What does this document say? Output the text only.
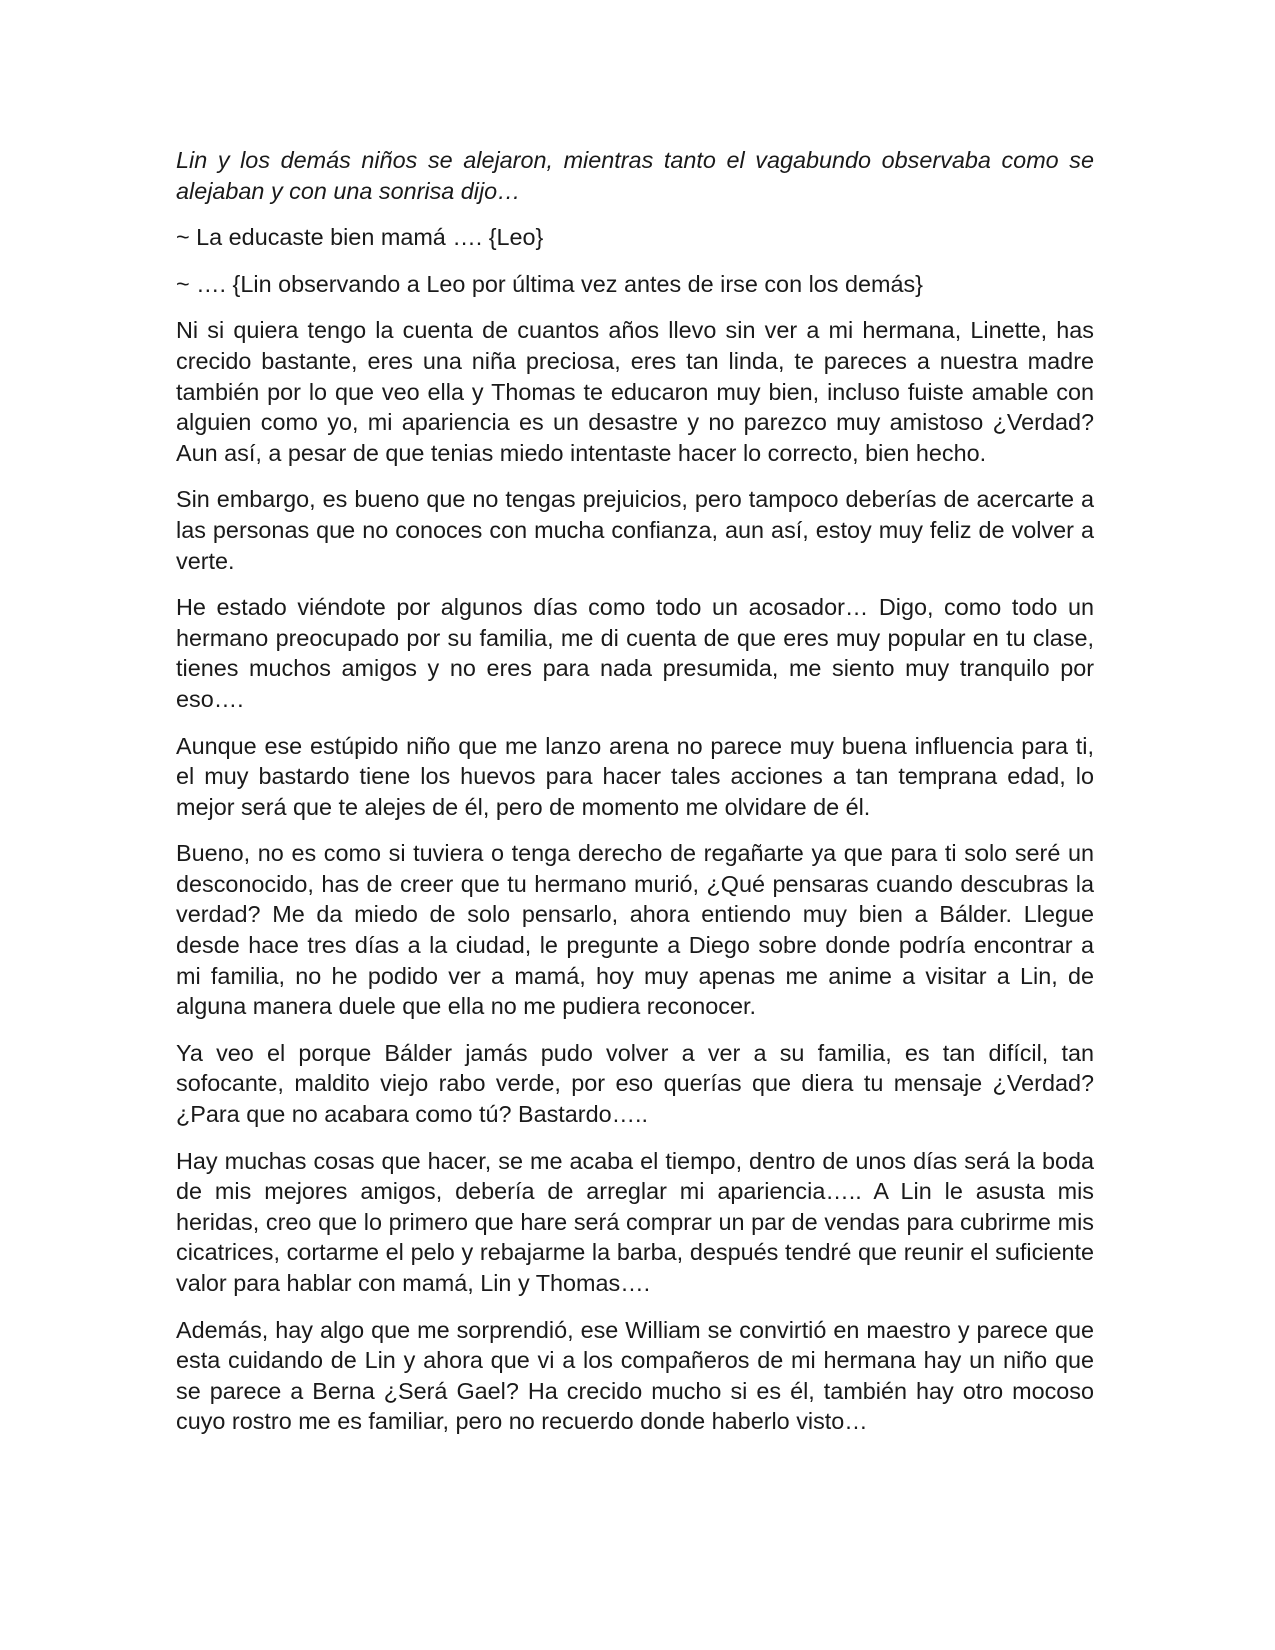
Lin y los demás niños se alejaron, mientras tanto el vagabundo observaba como se alejaban y con una sonrisa dijo…

~ La educaste bien mamá …. {Leo}

~ …. {Lin observando a Leo por última vez antes de irse con los demás}

Ni si quiera tengo la cuenta de cuantos años llevo sin ver a mi hermana, Linette, has crecido bastante, eres una niña preciosa, eres tan linda, te pareces a nuestra madre también por lo que veo ella y Thomas te educaron muy bien, incluso fuiste amable con alguien como yo, mi apariencia es un desastre y no parezco muy amistoso ¿Verdad? Aun así, a pesar de que tenias miedo intentaste hacer lo correcto, bien hecho.

Sin embargo, es bueno que no tengas prejuicios, pero tampoco deberías de acercarte a las personas que no conoces con mucha confianza, aun así, estoy muy feliz de volver a verte.

He estado viéndote por algunos días como todo un acosador… Digo, como todo un hermano preocupado por su familia, me di cuenta de que eres muy popular en tu clase, tienes muchos amigos y no eres para nada presumida, me siento muy tranquilo por eso….

Aunque ese estúpido niño que me lanzo arena no parece muy buena influencia para ti, el muy bastardo tiene los huevos para hacer tales acciones a tan temprana edad, lo mejor será que te alejes de él, pero de momento me olvidare de él.

Bueno, no es como si tuviera o tenga derecho de regañarte ya que para ti solo seré un desconocido, has de creer que tu hermano murió, ¿Qué pensaras cuando descubras la verdad? Me da miedo de solo pensarlo, ahora entiendo muy bien a Bálder. Llegue desde hace tres días a la ciudad, le pregunte a Diego sobre donde podría encontrar a mi familia, no he podido ver a mamá, hoy muy apenas me anime a visitar a Lin, de alguna manera duele que ella no me pudiera reconocer.

Ya veo el porque Bálder jamás pudo volver a ver a su familia, es tan difícil, tan sofocante, maldito viejo rabo verde, por eso querías que diera tu mensaje ¿Verdad? ¿Para que no acabara como tú? Bastardo…..

Hay muchas cosas que hacer, se me acaba el tiempo, dentro de unos días será la boda de mis mejores amigos, debería de arreglar mi apariencia….. A Lin le asusta mis heridas, creo que lo primero que hare será comprar un par de vendas para cubrirme mis cicatrices, cortarme el pelo y rebajarme la barba, después tendré que reunir el suficiente valor para hablar con mamá, Lin y Thomas….

Además, hay algo que me sorprendió, ese William se convirtió en maestro y parece que esta cuidando de Lin y ahora que vi a los compañeros de mi hermana hay un niño que se parece a Berna ¿Será Gael? Ha crecido mucho si es él, también hay otro mocoso cuyo rostro me es familiar, pero no recuerdo donde haberlo visto…
